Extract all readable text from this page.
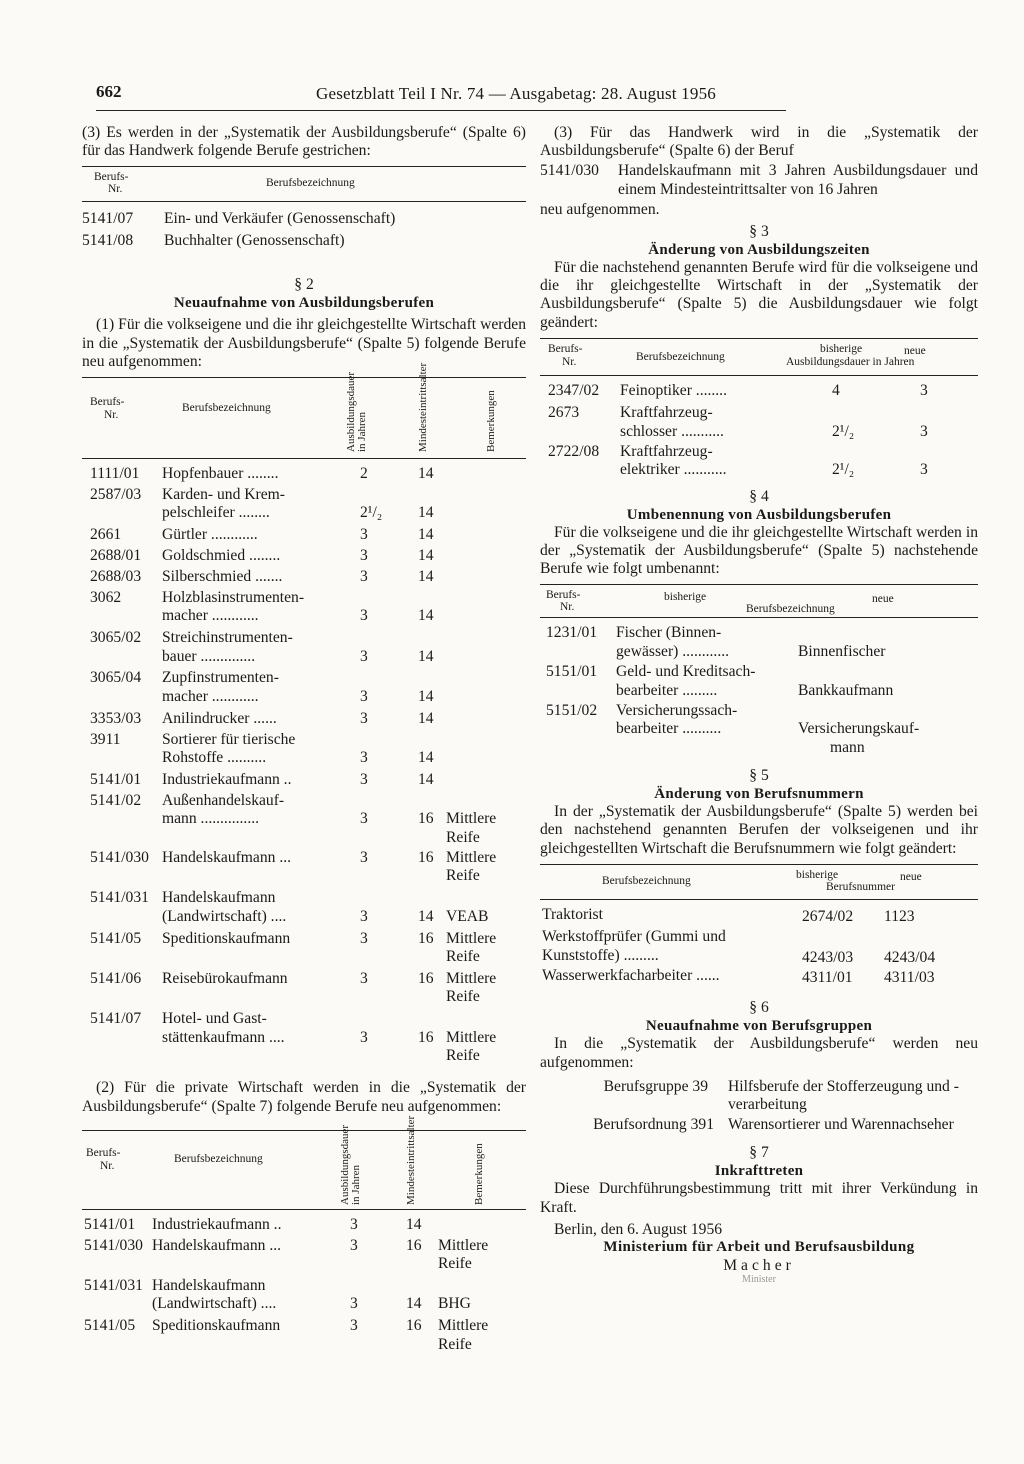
662	Gesetzblatt Teil I Nr. 74 — Ausgabetag: 28. August 1956

(3) Es werden in der „Systematik der Ausbildungsberufe“ (Spalte 6) für das Handwerk folgende Berufe gestrichen:

Berufs-
Nr.	Berufsbezeichnung
5141/07 Ein- und Verkäufer (Genossenschaft)
5141/08 Buchhalter (Genossenschaft)
§ 2
Neuaufnahme von Ausbildungsberufen

(1) Für die volkseigene und die ihr gleichgestellte Wirtschaft werden in die „Systematik der Ausbildungsberufe“ (Spalte 5) folgende Berufe neu aufgenommen:

Berufs-
Nr.
Berufsbezeichnung	Ausbildungsdauer in Jahren	Mindesteintrittsalter	Bemerkungen
1111/01 Hopfenbauer ........	2	14
2587/03 Karden- und Krem-
pelschleifer ........	2¹/₂ 14
2661	Gürtler ............	3	14
2688/01 Goldschmied ........	3	14
2688/03 Silberschmied .......	3	14
3062	Holzblasinstrumenten-
macher ............	3	14
3065/02 Streichinstrumenten-
bauer ..............	3	14
3065/04 Zupfinstrumenten-
macher ............	3	14
3353/03 Anilindrucker ......	3	14
3911	Sortierer für tierische
Rohstoffe ..........	3	14
5141/01 Industriekaufmann ..	3	14
5141/02 Außenhandelskauf-
mann ...............	3	16 Mittlere
Reife
5141/030 Handelskaufmann ...	3	16 Mittlere
Reife
5141/031 Handelskaufmann
(Landwirtschaft) ....	3	14 VEAB
5141/05 Speditionskaufmann	3	16 Mittlere
Reife
5141/06 Reisebürokaufmann	3	16 Mittlere
Reife
5141/07 Hotel- und Gast-
stättenkaufmann ....	3	16 Mittlere
Reife

(2) Für die private Wirtschaft werden in die „Systematik der Ausbildungsberufe“ (Spalte 7) folgende Berufe neu aufgenommen:

Berufs-
Nr.
Berufsbezeichnung	Ausbildungsdauer in Jahren	Mindesteintrittsalter	Bemerkungen
5141/01 Industriekaufmann ..	3	14
5141/030 Handelskaufmann ...	3	16 Mittlere
Reife
5141/031 Handelskaufmann
(Landwirtschaft) ....	3	14 BHG
5141/05 Speditionskaufmann	3	16 Mittlere
Reife

(3) Für das Handwerk wird in die „Systematik der Ausbildungsberufe“ (Spalte 6) der Beruf

5141/030	Handelskaufmann mit 3 Jahren Ausbildungsdauer und einem Mindesteintrittsalter von 16 Jahren

neu aufgenommen.

§ 3
Änderung von Ausbildungszeiten

Für die nachstehend genannten Berufe wird für die volkseigene und die ihr gleichgestellte Wirtschaft in der „Systematik der Ausbildungsberufe“ (Spalte 5) die Ausbildungsdauer wie folgt geändert:

Berufs-
Nr.	Berufsbezeichnung
bisherige	neue
Ausbildungsdauer in Jahren
2347/02 Feinoptiker ........	4	3
2673	Kraftfahrzeug-
schlosser ...........	2¹/₂	3
2722/08 Kraftfahrzeug-
elektriker ...........	2¹/₂	3
§ 4
Umbenennung von Ausbildungsberufen

Für die volkseigene und die ihr gleichgestellte Wirtschaft werden in der „Systematik der Ausbildungsberufe“ (Spalte 5) nachstehende Berufe wie folgt umbenannt:

Berufs-
Nr.
bisherige	neue
Berufsbezeichnung
1231/01 Fischer (Binnen-
gewässer) ............	Binnenfischer
5151/01 Geld- und Kreditsach-
bearbeiter .........	Bankkaufmann
5151/02 Versicherungssach-
bearbeiter ..........	Versicherungskauf-
mann
§ 5
Änderung von Berufsnummern

In der „Systematik der Ausbildungsberufe“ (Spalte 5) werden bei den nachstehend genannten Berufen der volkseigenen und ihr gleichgestellten Wirtschaft die Berufsnummern wie folgt geändert:

Berufsbezeichnung	bisherige	neue
Berufsnummer
Traktorist	2674/02 1123
Werkstoffprüfer (Gummi und
Kunststoffe) .........	4243/03 4243/04
Wasserwerkfacharbeiter ......	4311/01 4311/03
§ 6
Neuaufnahme von Berufsgruppen

In die „Systematik der Ausbildungsberufe“ werden neu aufgenommen:

Berufsgruppe 39	Hilfsberufe der Stofferzeugung und -verarbeitung
Berufsordnung 391 Warensortierer und Warennachseher
§ 7
Inkrafttreten

Diese Durchführungsbestimmung tritt mit ihrer Verkündung in Kraft.

Berlin, den 6. August 1956

Ministerium für Arbeit und Berufsausbildung
Macher
Minister
